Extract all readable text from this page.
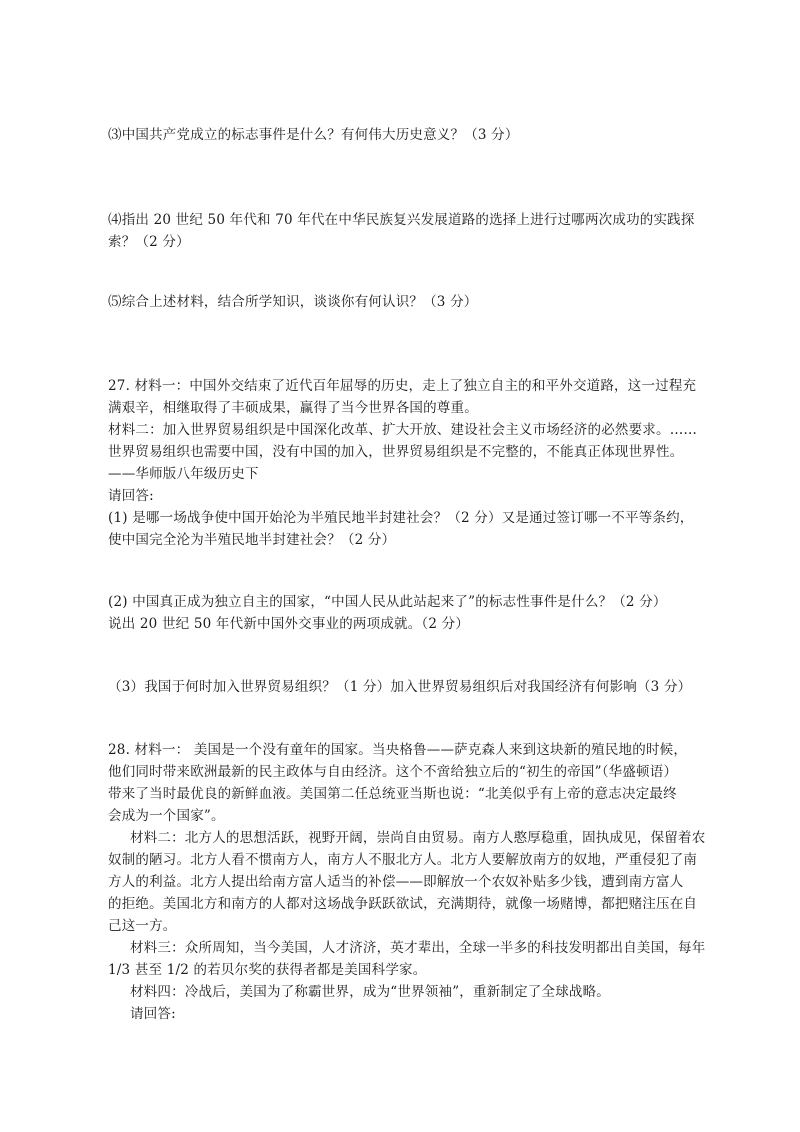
⑶中国共产党成立的标志事件是什么？有何伟大历史意义？（3 分）
⑷指出 20 世纪 50 年代和 70 年代在中华民族复兴发展道路的选择上进行过哪两次成功的实践探
索？（2 分）
⑸综合上述材料，结合所学知识，谈谈你有何认识？（3 分）
27. 材料一：中国外交结束了近代百年屈辱的历史，走上了独立自主的和平外交道路，这一过程充
满艰辛，相继取得了丰硕成果，赢得了当今世界各国的尊重。
材料二：加入世界贸易组织是中国深化改革、扩大开放、建设社会主义市场经济的必然要求。……
世界贸易组织也需要中国，没有中国的加入，世界贸易组织是不完整的，不能真正体现世界性。
——华师版八年级历史下
请回答:
(1) 是哪一场战争使中国开始沦为半殖民地半封建社会？（2 分）又是通过签订哪一不平等条约，
使中国完全沦为半殖民地半封建社会？（2 分）
(2) 中国真正成为独立自主的国家，“中国人民从此站起来了”的标志性事件是什么？（2 分）
说出 20 世纪 50 年代新中国外交事业的两项成就。（2 分）
（3）我国于何时加入世界贸易组织？（1 分）加入世界贸易组织后对我国经济有何影响（3 分）
28. 材料一： 美国是一个没有童年的国家。当央格鲁——萨克森人来到这块新的殖民地的时候，
他们同时带来欧洲最新的民主政体与自由经济。这个不啻给独立后的“初生的帝国”（华盛顿语）
带来了当时最优良的新鲜血液。美国第二任总统亚当斯也说：“北美似乎有上帝的意志决定最终
会成为一个国家”。
材料二：北方人的思想活跃，视野开阔，崇尚自由贸易。南方人憨厚稳重，固执成见，保留着农
奴制的陋习。北方人看不惯南方人，南方人不服北方人。北方人要解放南方的奴地，严重侵犯了南
方人的利益。北方人提出给南方富人适当的补偿——即解放一个农奴补贴多少钱，遭到南方富人
的拒绝。美国北方和南方的人都对这场战争跃跃欲试，充满期待，就像一场赌博，都把赌注压在自
己这一方。
材料三：众所周知，当今美国，人才济济，英才辈出，全球一半多的科技发明都出自美国，每年
1/3 甚至 1/2 的若贝尔奖的获得者都是美国科学家。
材料四：冷战后，美国为了称霸世界，成为“世界领袖”，重新制定了全球战略。
请回答:
